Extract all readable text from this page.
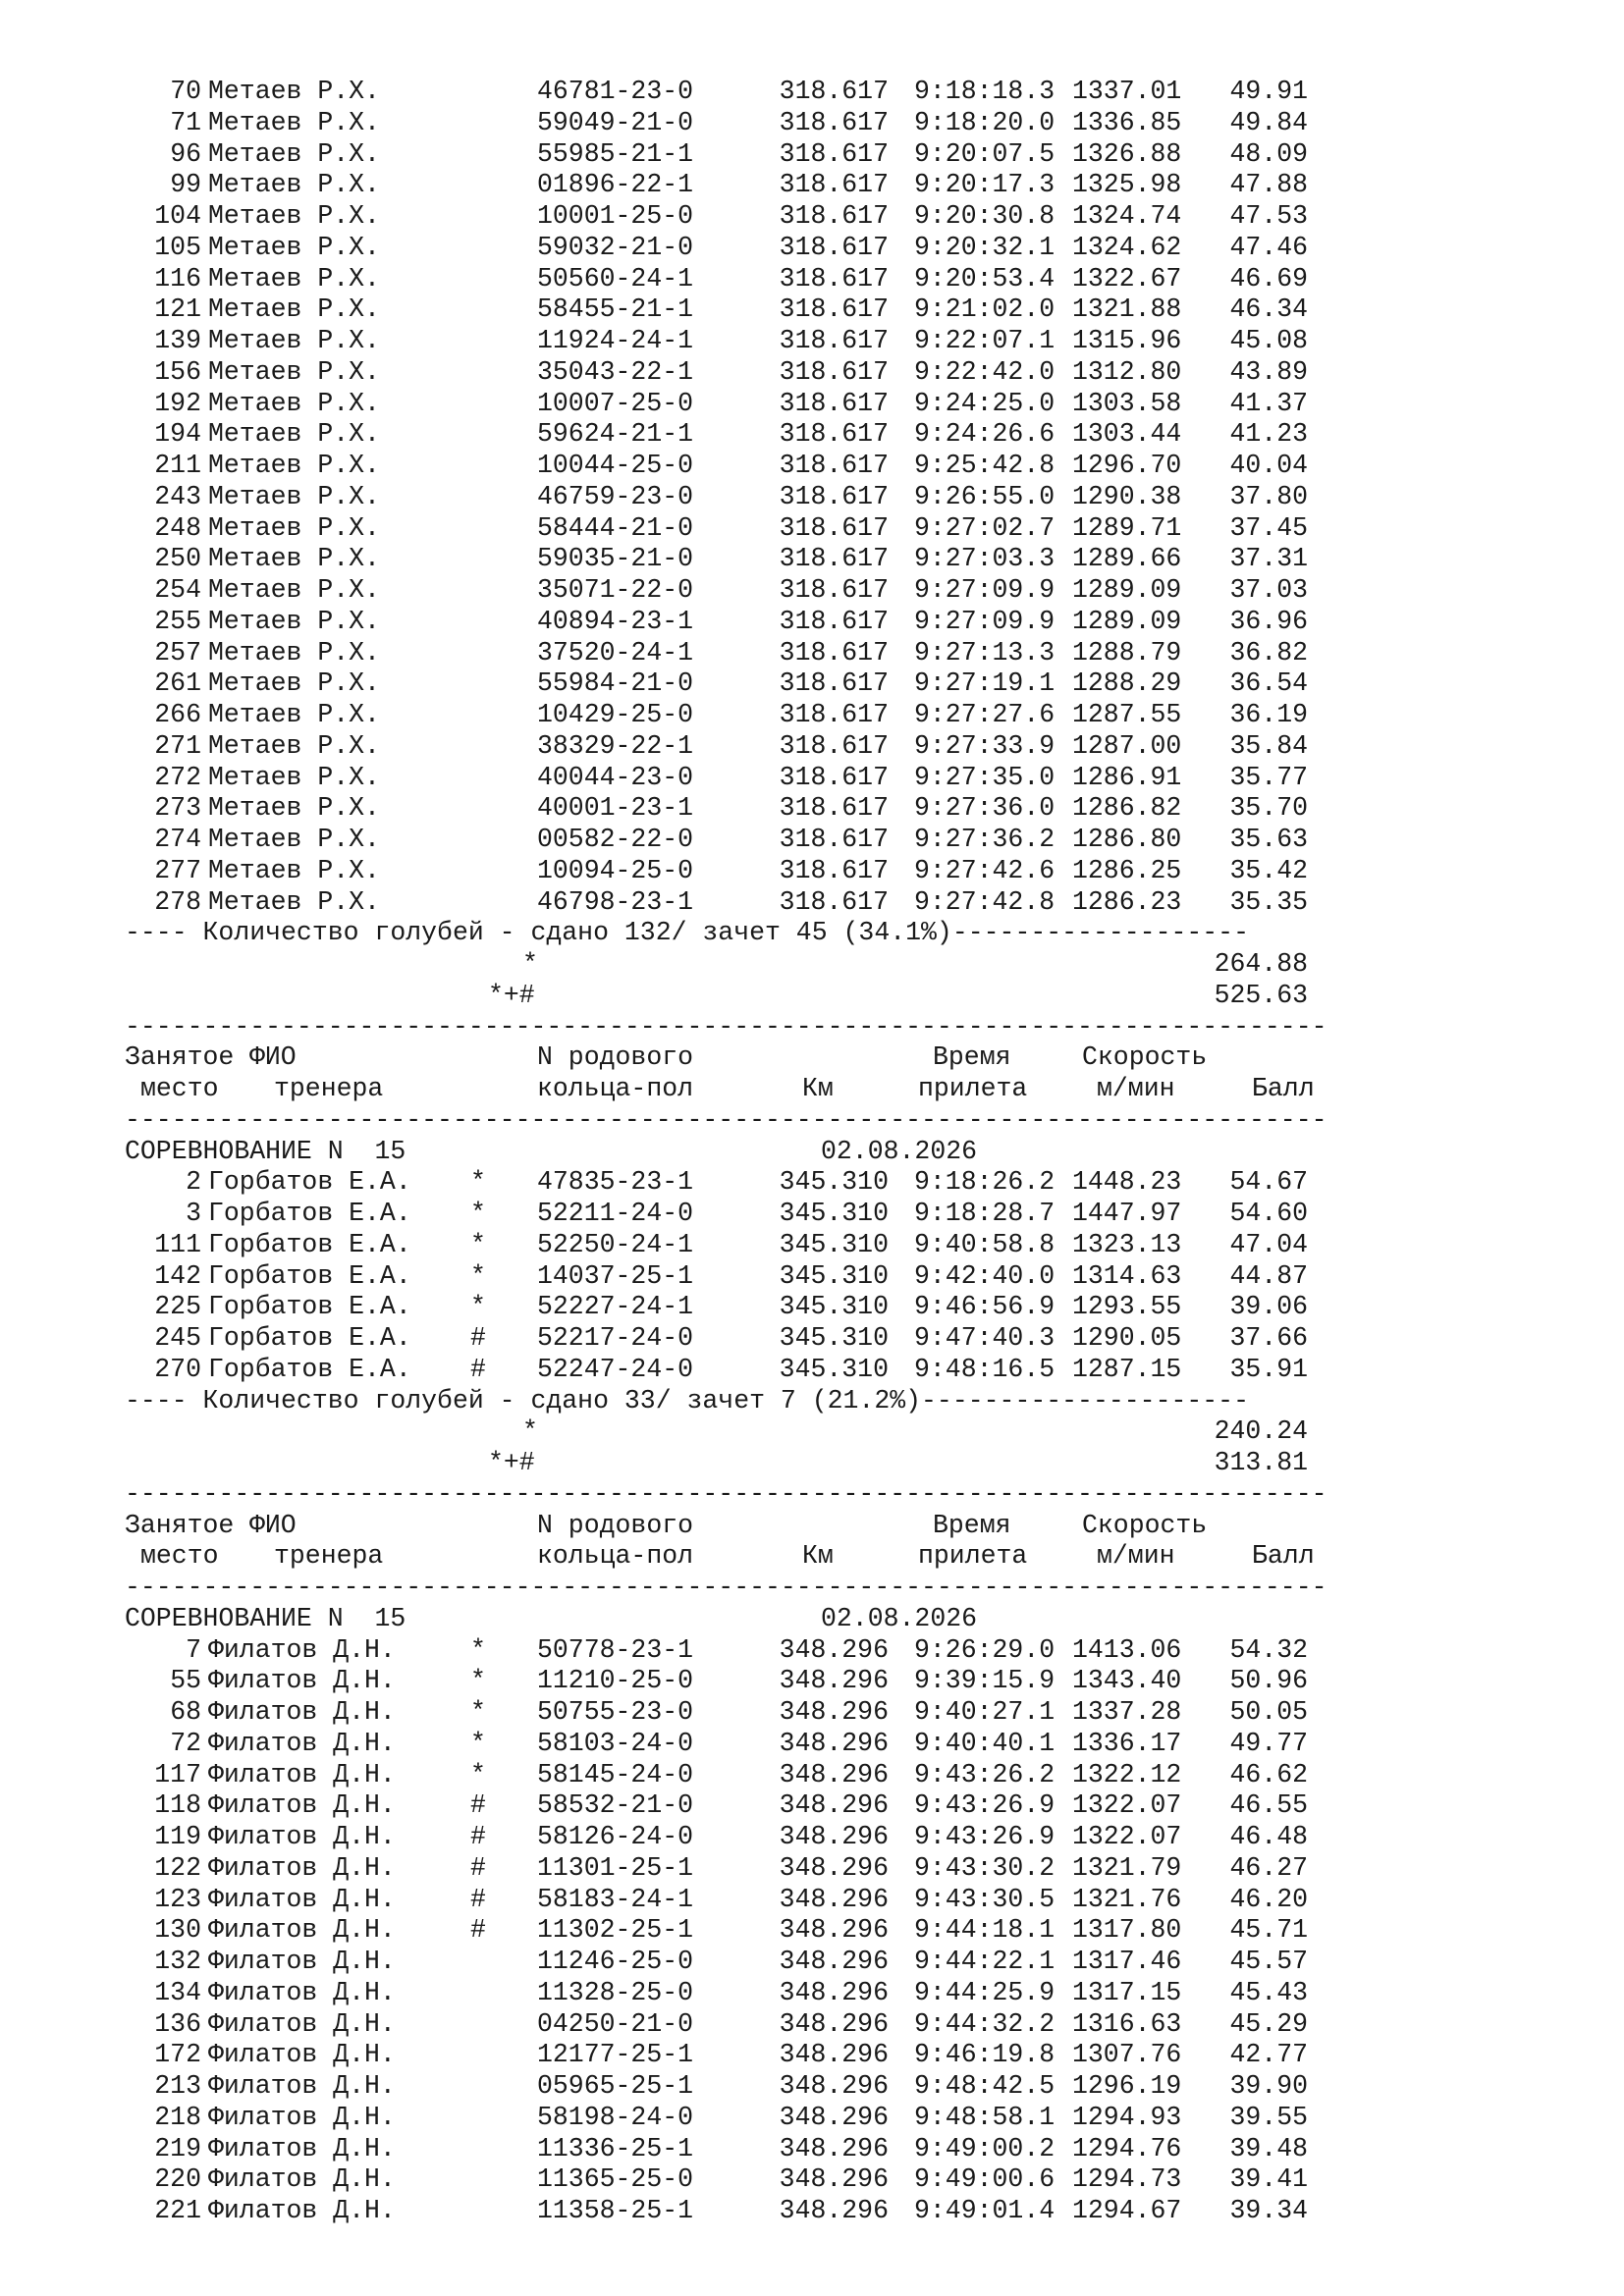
70 Метаев Р.Х.	46781-23-0	318.617 9:18:18.3 1337.01	49.91
71 Метаев Р.Х.	59049-21-0	318.617 9:18:20.0 1336.85	49.84
96 Метаев Р.Х.	55985-21-1	318.617 9:20:07.5 1326.88	48.09
99 Метаев Р.Х.	01896-22-1	318.617 9:20:17.3 1325.98	47.88
104 Метаев Р.Х.	10001-25-0	318.617 9:20:30.8 1324.74	47.53
105 Метаев Р.Х.	59032-21-0	318.617 9:20:32.1 1324.62	47.46
116 Метаев Р.Х.	50560-24-1	318.617 9:20:53.4 1322.67	46.69
121 Метаев Р.Х.	58455-21-1	318.617 9:21:02.0 1321.88	46.34
139 Метаев Р.Х.	11924-24-1	318.617 9:22:07.1 1315.96	45.08
156 Метаев Р.Х.	35043-22-1	318.617 9:22:42.0 1312.80	43.89
192 Метаев Р.Х.	10007-25-0	318.617 9:24:25.0 1303.58	41.37
194 Метаев Р.Х.	59624-21-1	318.617 9:24:26.6 1303.44	41.23
211 Метаев Р.Х.	10044-25-0	318.617 9:25:42.8 1296.70	40.04
243 Метаев Р.Х.	46759-23-0	318.617 9:26:55.0 1290.38	37.80
248 Метаев Р.Х.	58444-21-0	318.617 9:27:02.7 1289.71	37.45
250 Метаев Р.Х.	59035-21-0	318.617 9:27:03.3 1289.66	37.31
254 Метаев Р.Х.	35071-22-0	318.617 9:27:09.9 1289.09	37.03
255 Метаев Р.Х.	40894-23-1	318.617 9:27:09.9 1289.09	36.96
257 Метаев Р.Х.	37520-24-1	318.617 9:27:13.3 1288.79	36.82
261 Метаев Р.Х.	55984-21-0	318.617 9:27:19.1 1288.29	36.54
266 Метаев Р.Х.	10429-25-0	318.617 9:27:27.6 1287.55	36.19
271 Метаев Р.Х.	38329-22-1	318.617 9:27:33.9 1287.00	35.84
272 Метаев Р.Х.	40044-23-0	318.617 9:27:35.0 1286.91	35.77
273 Метаев Р.Х.	40001-23-1	318.617 9:27:36.0 1286.82	35.70
274 Метаев Р.Х.	00582-22-0	318.617 9:27:36.2 1286.80	35.63
277 Метаев Р.Х.	10094-25-0	318.617 9:27:42.6 1286.25	35.42
278 Метаев Р.Х.	46798-23-1	318.617 9:27:42.8 1286.23	35.35
---- Количество голубей - сдано 132/ зачет 45 (34.1%)-------------------
*	264.88
*+#	525.63
-----------------------------------------------------------------------------
Занятое ФИО	N родового	Время	Скорость
место тренера	кольца-пол	Км	прилета	м/мин	Балл
-----------------------------------------------------------------------------
СОРЕВНОВАНИЕ N  15	02.08.2026
2 Горбатов Е.А. * 47835-23-1	345.310 9:18:26.2 1448.23	54.67
3 Горбатов Е.А. * 52211-24-0	345.310 9:18:28.7 1447.97	54.60
111 Горбатов Е.А. * 52250-24-1	345.310 9:40:58.8 1323.13	47.04
142 Горбатов Е.А. * 14037-25-1	345.310 9:42:40.0 1314.63	44.87
225 Горбатов Е.А. * 52227-24-1	345.310 9:46:56.9 1293.55	39.06
245 Горбатов Е.А. # 52217-24-0	345.310 9:47:40.3 1290.05	37.66
270 Горбатов Е.А. # 52247-24-0	345.310 9:48:16.5 1287.15	35.91
---- Количество голубей - сдано 33/ зачет 7 (21.2%)---------------------
*	240.24
*+#	313.81
-----------------------------------------------------------------------------
Занятое ФИО	N родового	Время	Скорость
место тренера	кольца-пол	Км	прилета	м/мин	Балл
-----------------------------------------------------------------------------
СОРЕВНОВАНИЕ N  15	02.08.2026
7 Филатов Д.Н.	* 50778-23-1	348.296 9:26:29.0 1413.06	54.32
55 Филатов Д.Н.	* 11210-25-0	348.296 9:39:15.9 1343.40	50.96
68 Филатов Д.Н.	* 50755-23-0	348.296 9:40:27.1 1337.28	50.05
72 Филатов Д.Н.	* 58103-24-0	348.296 9:40:40.1 1336.17	49.77
117 Филатов Д.Н.	* 58145-24-0	348.296 9:43:26.2 1322.12	46.62
118 Филатов Д.Н.	# 58532-21-0	348.296 9:43:26.9 1322.07	46.55
119 Филатов Д.Н.	# 58126-24-0	348.296 9:43:26.9 1322.07	46.48
122 Филатов Д.Н.	# 11301-25-1	348.296 9:43:30.2 1321.79	46.27
123 Филатов Д.Н.	# 58183-24-1	348.296 9:43:30.5 1321.76	46.20
130 Филатов Д.Н.	# 11302-25-1	348.296 9:44:18.1 1317.80	45.71
132 Филатов Д.Н.	11246-25-0	348.296 9:44:22.1 1317.46	45.57
134 Филатов Д.Н.	11328-25-0	348.296 9:44:25.9 1317.15	45.43
136 Филатов Д.Н.	04250-21-0	348.296 9:44:32.2 1316.63	45.29
172 Филатов Д.Н.	12177-25-1	348.296 9:46:19.8 1307.76	42.77
213 Филатов Д.Н.	05965-25-1	348.296 9:48:42.5 1296.19	39.90
218 Филатов Д.Н.	58198-24-0	348.296 9:48:58.1 1294.93	39.55
219 Филатов Д.Н.	11336-25-1	348.296 9:49:00.2 1294.76	39.48
220 Филатов Д.Н.	11365-25-0	348.296 9:49:00.6 1294.73	39.41
221 Филатов Д.Н.	11358-25-1	348.296 9:49:01.4 1294.67	39.34
